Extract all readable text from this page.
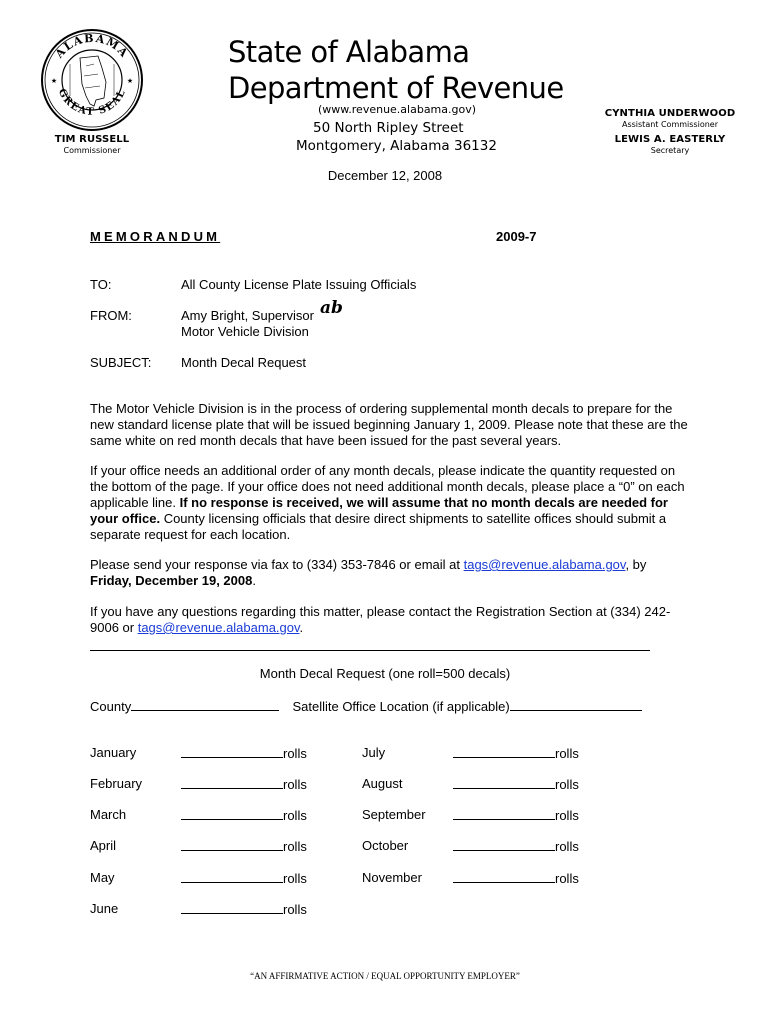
ALABAMA
GREAT SEAL
★	★
State of Alabama
Department of Revenue
(www.revenue.alabama.gov)
50 North Ripley Street
Montgomery, Alabama 36132
TIM RUSSELL
Commissioner
CYNTHIA UNDERWOOD
Assistant Commissioner
LEWIS A. EASTERLY
Secretary
December 12, 2008
MEMORANDUM	2009-7
TO:	All County License Plate Issuing Officials
FROM:	Amy Bright, Supervisor
Motor Vehicle Division
ab
SUBJECT: Month Decal Request
The Motor Vehicle Division is in the process of ordering supplemental month decals to prepare for the new standard license plate that will be issued beginning January 1, 2009. Please note that these are the same white on red month decals that have been issued for the past several years.
If your office needs an additional order of any month decals, please indicate the quantity requested on the bottom of the page. If your office does not need additional month decals, please place a “0” on each applicable line. If no response is received, we will assume that no month decals are needed for your office. County licensing officials that desire direct shipments to satellite offices should submit a separate request for each location.
Please send your response via fax to (334) 353-7846 or email at tags@revenue.alabama.gov, by Friday, December 19, 2008.
If you have any questions regarding this matter, please contact the Registration Section at (334) 242-9006 or tags@revenue.alabama.gov.
Month Decal Request (one roll=500 decals)
County	Satellite Office Location (if applicable)
January	rolls
February	rolls
March	rolls
April	rolls
May	rolls
June	rolls
July	rolls
August	rolls
September	rolls
October	rolls
November	rolls
“AN AFFIRMATIVE ACTION / EQUAL OPPORTUNITY EMPLOYER”
